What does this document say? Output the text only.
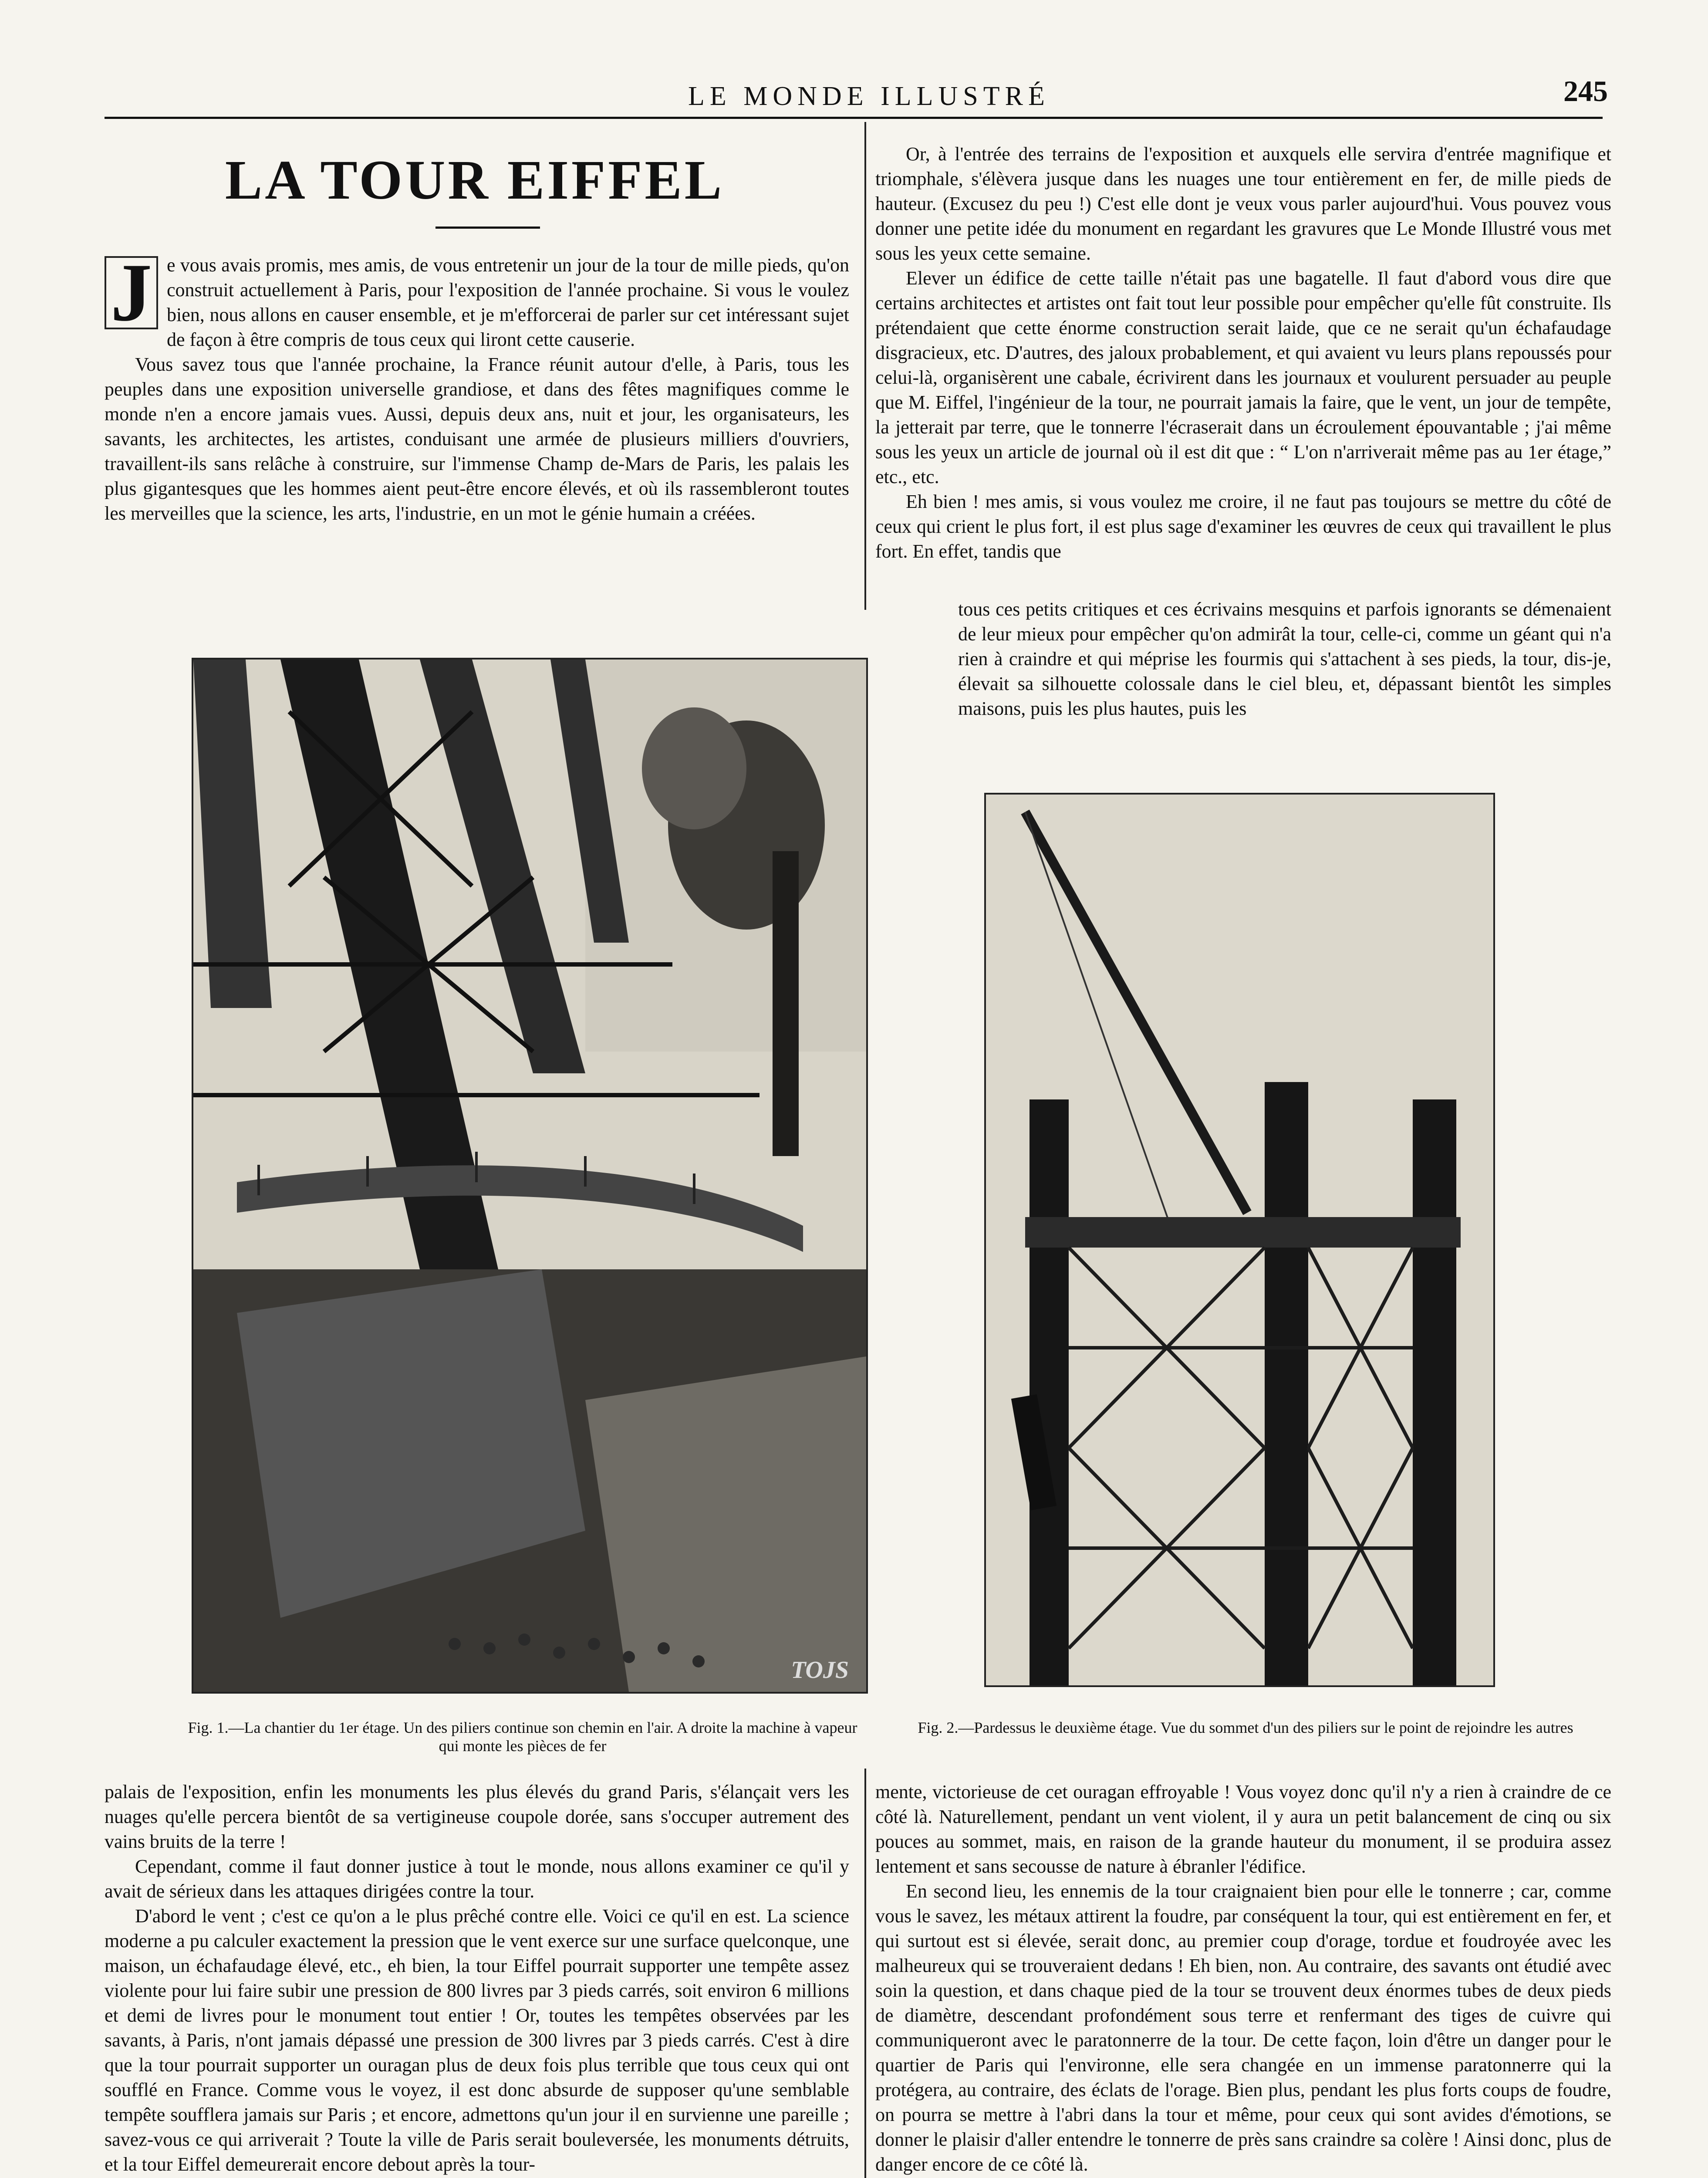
LE MONDE ILLUSTRÉ	245
LA TOUR EIFFEL

J e vous avais promis, mes amis, de vous entretenir un jour de la tour de mille pieds, qu'on construit actuellement à Paris, pour l'exposition de l'année prochaine. Si vous le voulez bien, nous allons en causer ensemble, et je m'efforcerai de parler sur cet intéressant sujet de façon à être compris de tous ceux qui liront cette causerie.

Vous savez tous que l'année prochaine, la France réunit autour d'elle, à Paris, tous les peuples dans une exposition universelle grandiose, et dans des fêtes magnifiques comme le monde n'en a encore jamais vues. Aussi, depuis deux ans, nuit et jour, les organisateurs, les savants, les architectes, les artistes, conduisant une armée de plusieurs milliers d'ouvriers, travaillent-ils sans relâche à construire, sur l'immense Champ de-Mars de Paris, les palais les plus gigantesques que les hommes aient peut-être encore élevés, et où ils rassembleront toutes les merveilles que la science, les arts, l'industrie, en un mot le génie humain a créées.

Or, à l'entrée des terrains de l'exposition et auxquels elle servira d'entrée magnifique et triomphale, s'élèvera jusque dans les nuages une tour entièrement en fer, de mille pieds de hauteur. (Excusez du peu !) C'est elle dont je veux vous parler aujourd'hui. Vous pouvez vous donner une petite idée du monument en regardant les gravures que Le Monde Illustré vous met sous les yeux cette semaine.

Elever un édifice de cette taille n'était pas une bagatelle. Il faut d'abord vous dire que certains architectes et artistes ont fait tout leur possible pour empêcher qu'elle fût construite. Ils prétendaient que cette énorme construction serait laide, que ce ne serait qu'un échafaudage disgracieux, etc. D'autres, des jaloux probablement, et qui avaient vu leurs plans repoussés pour celui-là, organisèrent une cabale, écrivirent dans les journaux et voulurent persuader au peuple que M. Eiffel, l'ingénieur de la tour, ne pourrait jamais la faire, que le vent, un jour de tempête, la jetterait par terre, que le tonnerre l'écraserait dans un écroulement épouvantable ; j'ai même sous les yeux un article de journal où il est dit que : “ L'on n'arriverait même pas au 1er étage,” etc., etc.

Eh bien ! mes amis, si vous voulez me croire, il ne faut pas toujours se mettre du côté de ceux qui crient le plus fort, il est plus sage d'examiner les œuvres de ceux qui travaillent le plus fort. En effet, tandis que

tous ces petits critiques et ces écrivains mesquins et parfois ignorants se démenaient de leur mieux pour empêcher qu'on admirât la tour, celle-ci, comme un géant qui n'a rien à craindre et qui méprise les fourmis qui s'attachent à ses pieds, la tour, dis-je, élevait sa silhouette colossale dans le ciel bleu, et, dépassant bientôt les simples maisons, puis les plus hautes, puis les

TOJS
Fig. 1.—La chantier du 1er étage. Un des piliers continue son chemin en l'air. A droite la machine à vapeur qui monte les pièces de fer
Fig. 2.—Pardessus le deuxième étage. Vue du sommet d'un des piliers sur le point de rejoindre les autres

palais de l'exposition, enfin les monuments les plus élevés du grand Paris, s'élançait vers les nuages qu'elle percera bientôt de sa vertigineuse coupole dorée, sans s'occuper autrement des vains bruits de la terre !

Cependant, comme il faut donner justice à tout le monde, nous allons examiner ce qu'il y avait de sérieux dans les attaques dirigées contre la tour.

D'abord le vent ; c'est ce qu'on a le plus prêché contre elle. Voici ce qu'il en est. La science moderne a pu calculer exactement la pression que le vent exerce sur une surface quelconque, une maison, un échafaudage élevé, etc., eh bien, la tour Eiffel pourrait supporter une tempête assez violente pour lui faire subir une pression de 800 livres par 3 pieds carrés, soit environ 6 millions et demi de livres pour le monument tout entier ! Or, toutes les tempêtes observées par les savants, à Paris, n'ont jamais dépassé une pression de 300 livres par 3 pieds carrés. C'est à dire que la tour pourrait supporter un ouragan plus de deux fois plus terrible que tous ceux qui ont soufflé en France. Comme vous le voyez, il est donc absurde de supposer qu'une semblable tempête soufflera jamais sur Paris ; et encore, admettons qu'un jour il en survienne une pareille ; savez-vous ce qui arriverait ? Toute la ville de Paris serait bouleversée, les monuments détruits, et la tour Eiffel demeurerait encore debout après la tour-

mente, victorieuse de cet ouragan effroyable ! Vous voyez donc qu'il n'y a rien à craindre de ce côté là. Naturellement, pendant un vent violent, il y aura un petit balancement de cinq ou six pouces au sommet, mais, en raison de la grande hauteur du monument, il se produira assez lentement et sans secousse de nature à ébranler l'édifice.

En second lieu, les ennemis de la tour craignaient bien pour elle le tonnerre ; car, comme vous le savez, les métaux attirent la foudre, par conséquent la tour, qui est entièrement en fer, et qui surtout est si élevée, serait donc, au premier coup d'orage, tordue et foudroyée avec les malheureux qui se trouveraient dedans ! Eh bien, non. Au contraire, des savants ont étudié avec soin la question, et dans chaque pied de la tour se trouvent deux énormes tubes de deux pieds de diamètre, descendant profondément sous terre et renfermant des tiges de cuivre qui communiqueront avec le paratonnerre de la tour. De cette façon, loin d'être un danger pour le quartier de Paris qui l'environne, elle sera changée en un immense paratonnerre qui la protégera, au contraire, des éclats de l'orage. Bien plus, pendant les plus forts coups de foudre, on pourra se mettre à l'abri dans la tour et même, pour ceux qui sont avides d'émotions, se donner le plaisir d'aller entendre le tonnerre de près sans craindre sa colère ! Ainsi donc, plus de danger encore de ce côté là.
